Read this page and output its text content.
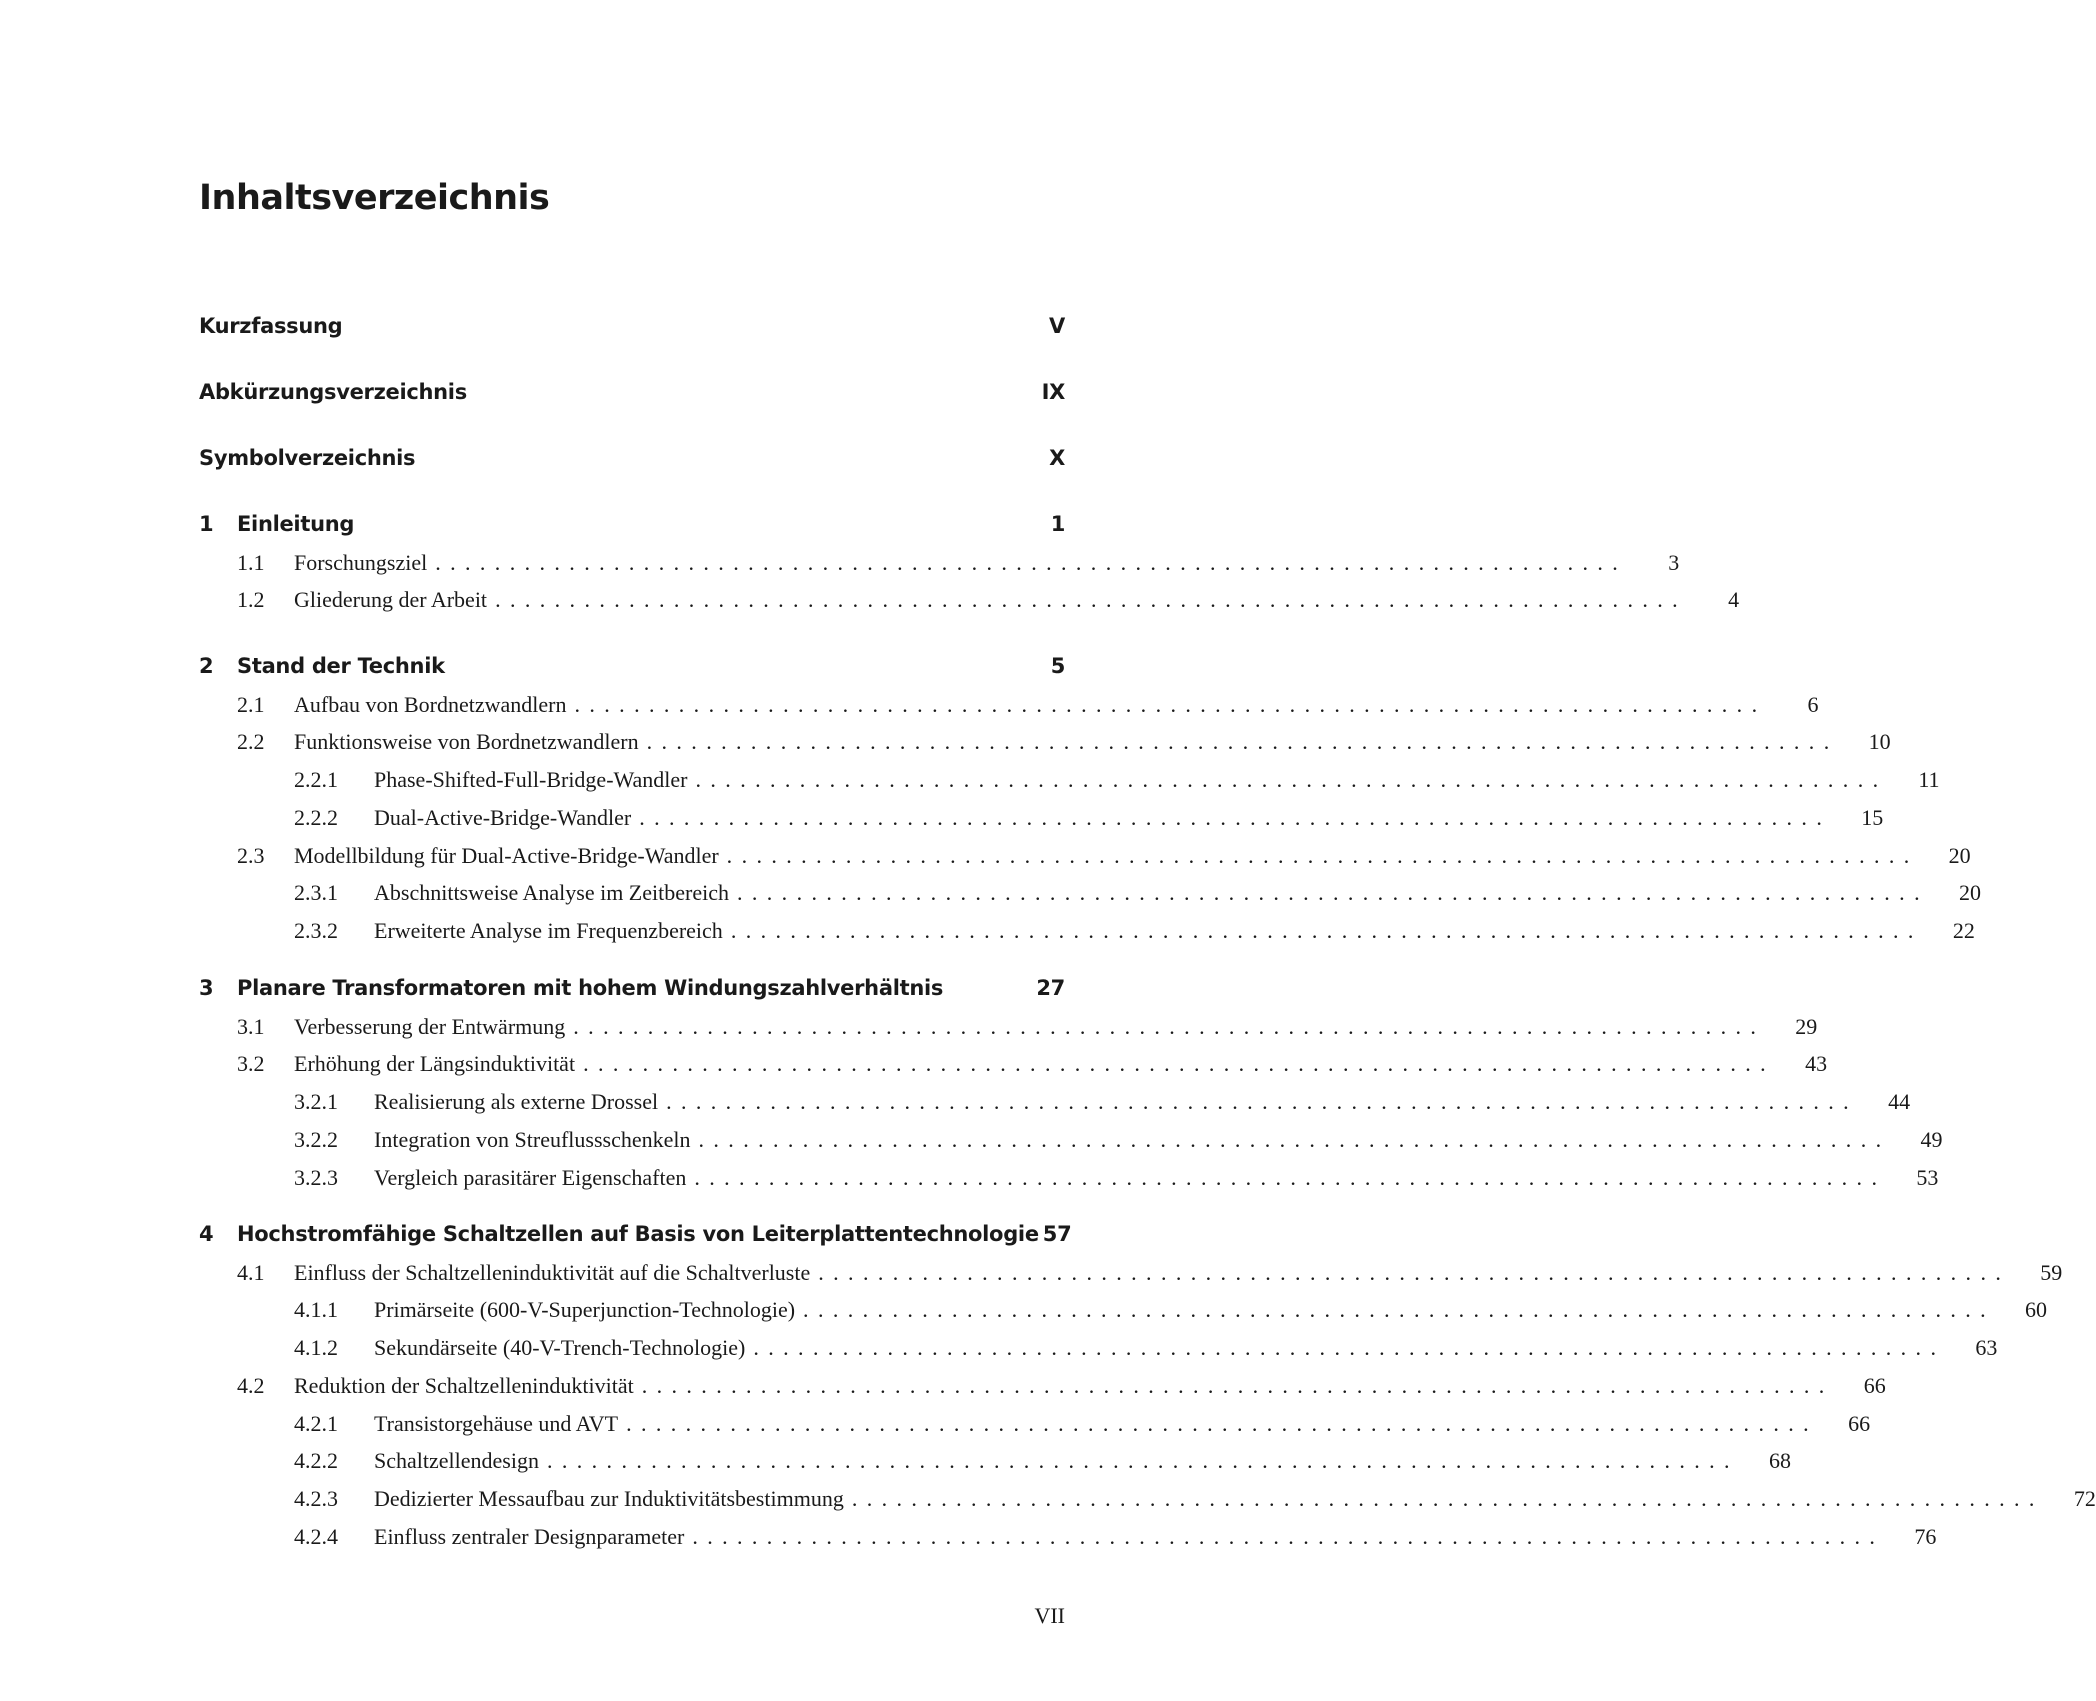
Inhaltsverzeichnis
Kurzfassung	V
Abkürzungsverzeichnis	IX
Symbolverzeichnis	X
1	Einleitung	1
1.1	Forschungsziel ................................................................................	3
1.2	Gliederung der Arbeit ................................................................................	4
2	Stand der Technik	5
2.1	Aufbau von Bordnetzwandlern ................................................................................	6
2.2	Funktionsweise von Bordnetzwandlern ................................................................................	10
2.2.1	Phase-Shifted-Full-Bridge-Wandler ................................................................................	11
2.2.2	Dual-Active-Bridge-Wandler ................................................................................	15
2.3	Modellbildung für Dual-Active-Bridge-Wandler ................................................................................	20
2.3.1	Abschnittsweise Analyse im Zeitbereich ................................................................................	20
2.3.2	Erweiterte Analyse im Frequenzbereich ................................................................................	22
3	Planare Transformatoren mit hohem Windungszahlverhältnis	27
3.1	Verbesserung der Entwärmung ................................................................................	29
3.2	Erhöhung der Längsinduktivität ................................................................................	43
3.2.1	Realisierung als externe Drossel ................................................................................	44
3.2.2	Integration von Streuflussschenkeln ................................................................................	49
3.2.3	Vergleich parasitärer Eigenschaften ................................................................................	53
4	Hochstromfähige Schaltzellen auf Basis von Leiterplattentechnologie 57
4.1	Einfluss der Schaltzelleninduktivität auf die Schaltverluste ................................................................................	59
4.1.1	Primärseite (600-V-Superjunction-Technologie) ................................................................................	60
4.1.2	Sekundärseite (40-V-Trench-Technologie) ................................................................................	63
4.2	Reduktion der Schaltzelleninduktivität ................................................................................	66
4.2.1	Transistorgehäuse und AVT ................................................................................	66
4.2.2	Schaltzellendesign ................................................................................	68
4.2.3	Dedizierter Messaufbau zur Induktivitätsbestimmung ................................................................................	72
4.2.4	Einfluss zentraler Designparameter ................................................................................	76
VII
